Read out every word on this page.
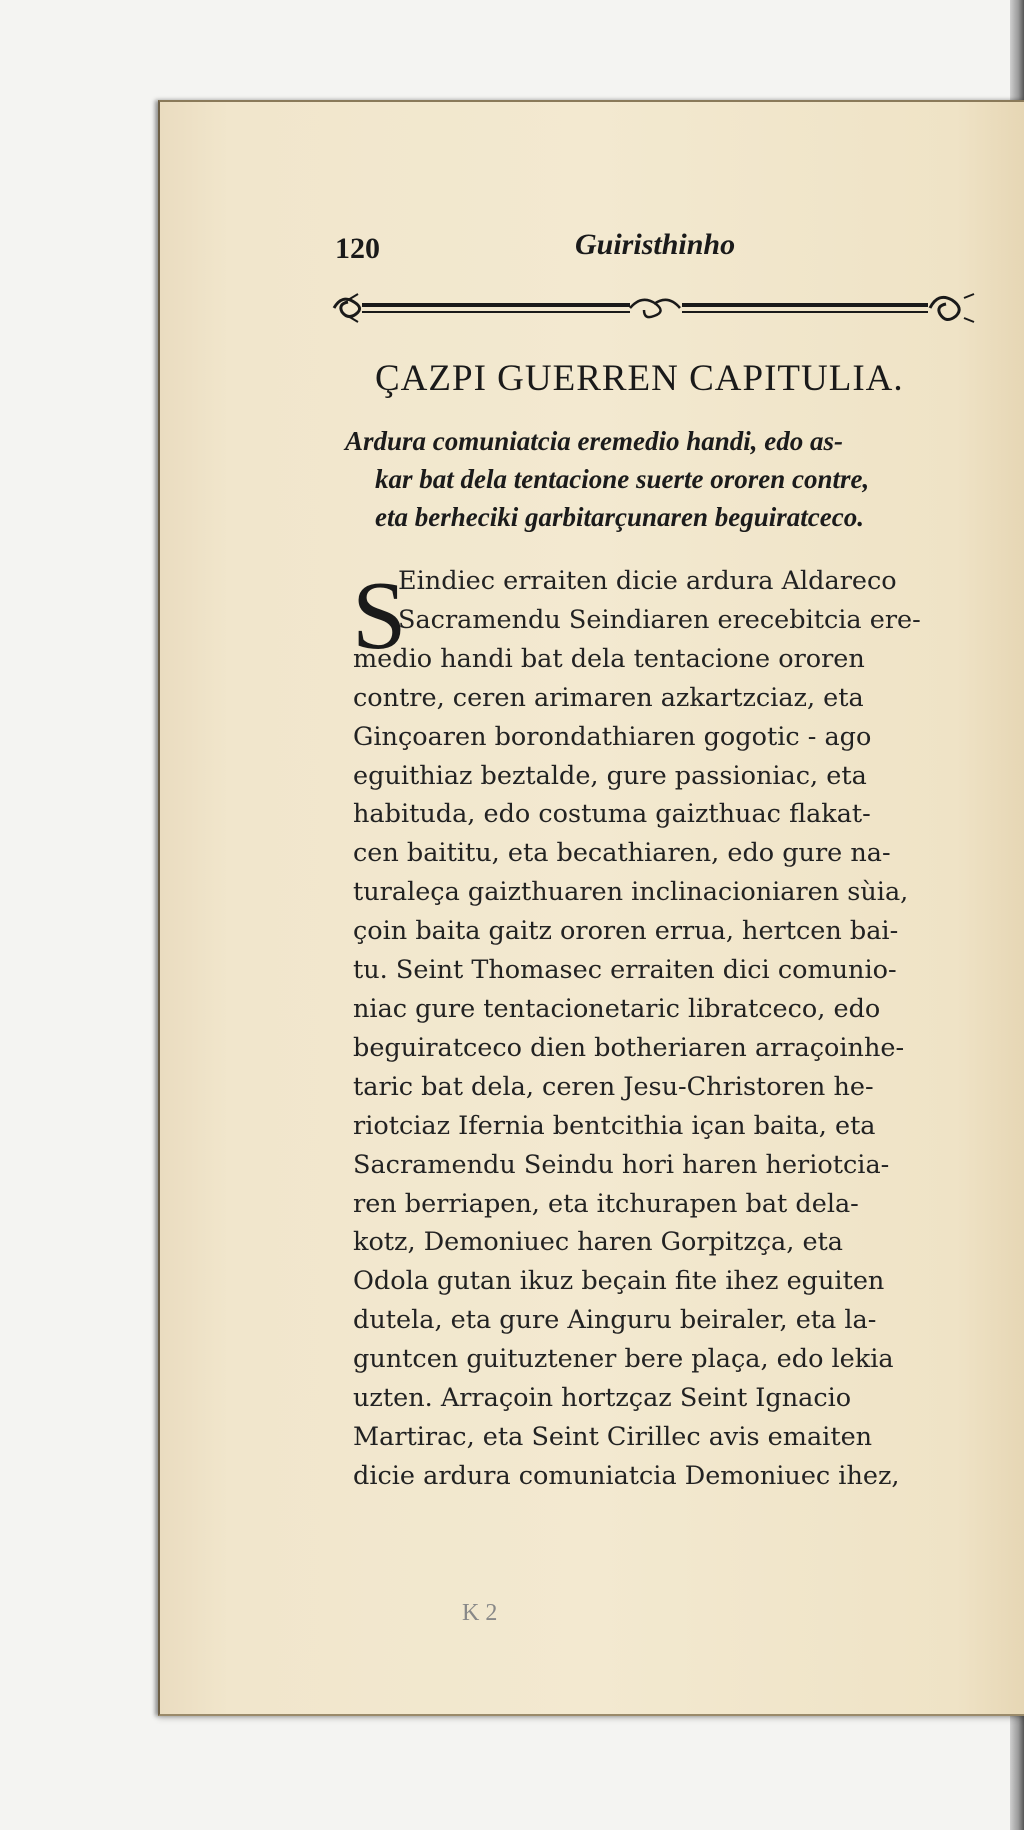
120	Guiristhinho
ÇAZPI GUERREN CAPITULIA.
Ardura comuniatcia eremedio handi, edo as-
kar bat dela tentacione suerte ororen contre,
eta berheciki garbitarçunaren beguiratceco.
S
Eindiec erraiten dicie ardura Aldareco
Sacramendu Seindiaren erecebitcia ere-
medio handi bat dela tentacione ororen
contre, ceren arimaren azkartzciaz, eta
Ginçoaren borondathiaren gogotic - ago
eguithiaz beztalde, gure passioniac, eta
habituda, edo costuma gaizthuac flakat-
cen baititu, eta becathiaren, edo gure na-
turaleça gaizthuaren inclinacioniaren sùia,
çoin baita gaitz ororen errua, hertcen bai-
tu. Seint Thomasec erraiten dici comunio-
niac gure tentacionetaric libratceco, edo
beguiratceco dien botheriaren arraçoinhe-
taric bat dela, ceren Jesu-Christoren he-
riotciaz Ifernia bentcithia içan baita, eta
Sacramendu Seindu hori haren heriotcia-
ren berriapen, eta itchurapen bat dela-
kotz, Demoniuec haren Gorpitzça, eta
Odola gutan ikuz beçain fite ihez eguiten
dutela, eta gure Ainguru beiraler, eta la-
guntcen guituztener bere plaça, edo lekia
uzten. Arraçoin hortzçaz Seint Ignacio
Martirac, eta Seint Cirillec avis emaiten
dicie ardura comuniatcia Demoniuec ihez,
K 2
